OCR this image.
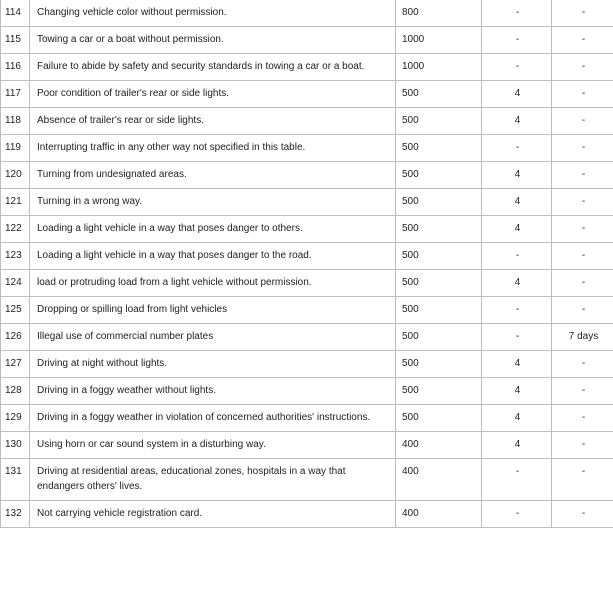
114	Changing vehicle color without permission.	800	-	-
115	Towing a car or a boat without permission.	1000	-	-
116	Failure to abide by safety and security standards in towing a car or a boat.	1000	-	-
117	Poor condition of trailer's rear or side lights.	500	4	-
118	Absence of trailer's rear or side lights.	500	4	-
119	Interrupting traffic in any other way not specified in this table.	500	-	-
120	Turning from undesignated areas.	500	4	-
121	Turning in a wrong way.	500	4	-
122	Loading a light vehicle in a way that poses danger to others.	500	4	-
123	Loading a light vehicle in a way that poses danger to the road.	500	-	-
124	load or protruding load from a light vehicle without permission.	500	4	-
125	Dropping or spilling load from light vehicles	500	-	-
126	Illegal use of commercial number plates	500	-	7 days
127	Driving at night without lights.	500	4	-
128	Driving in a foggy weather without lights.	500	4	-
129	Driving in a foggy weather in violation of concerned authorities' instructions.	500	4	-
130	Using horn or car sound system in a disturbing way.	400	4	-
131	Driving at residential areas, educational zones, hospitals in a way that endangers others' lives.	400	-	-
132	Not carrying vehicle registration card.	400	-	-
